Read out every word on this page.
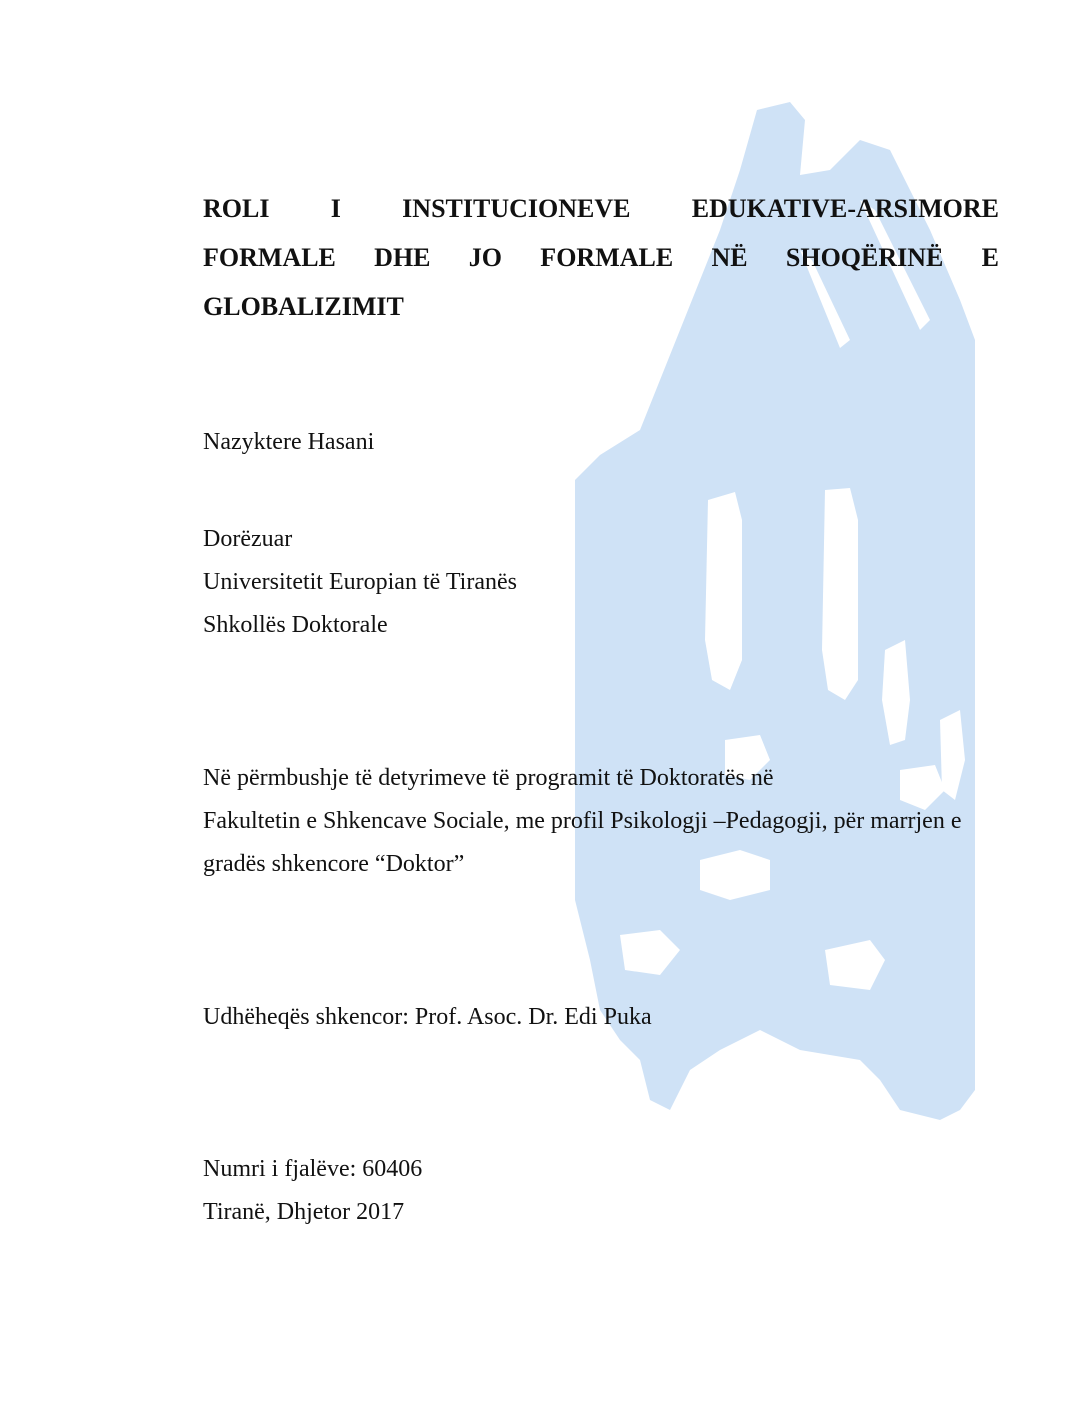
ROLI I INSTITUCIONEVE EDUKATIVE-ARSIMORE
FORMALE DHE JO FORMALE NË SHOQËRINË E
GLOBALIZIMIT

Nazyktere Hasani

Dorëzuar
Universitetit Europian të Tiranës
Shkollës Doktorale
Në përmbushje të detyrimeve të programit të Doktoratës në
Fakultetin e Shkencave Sociale, me profil Psikologji –Pedagogji, për marrjen e
gradës shkencore “Doktor”

Udhëheqës shkencor: Prof. Asoc. Dr. Edi Puka

Numri i fjalëve: 60406
Tiranë, Dhjetor 2017
